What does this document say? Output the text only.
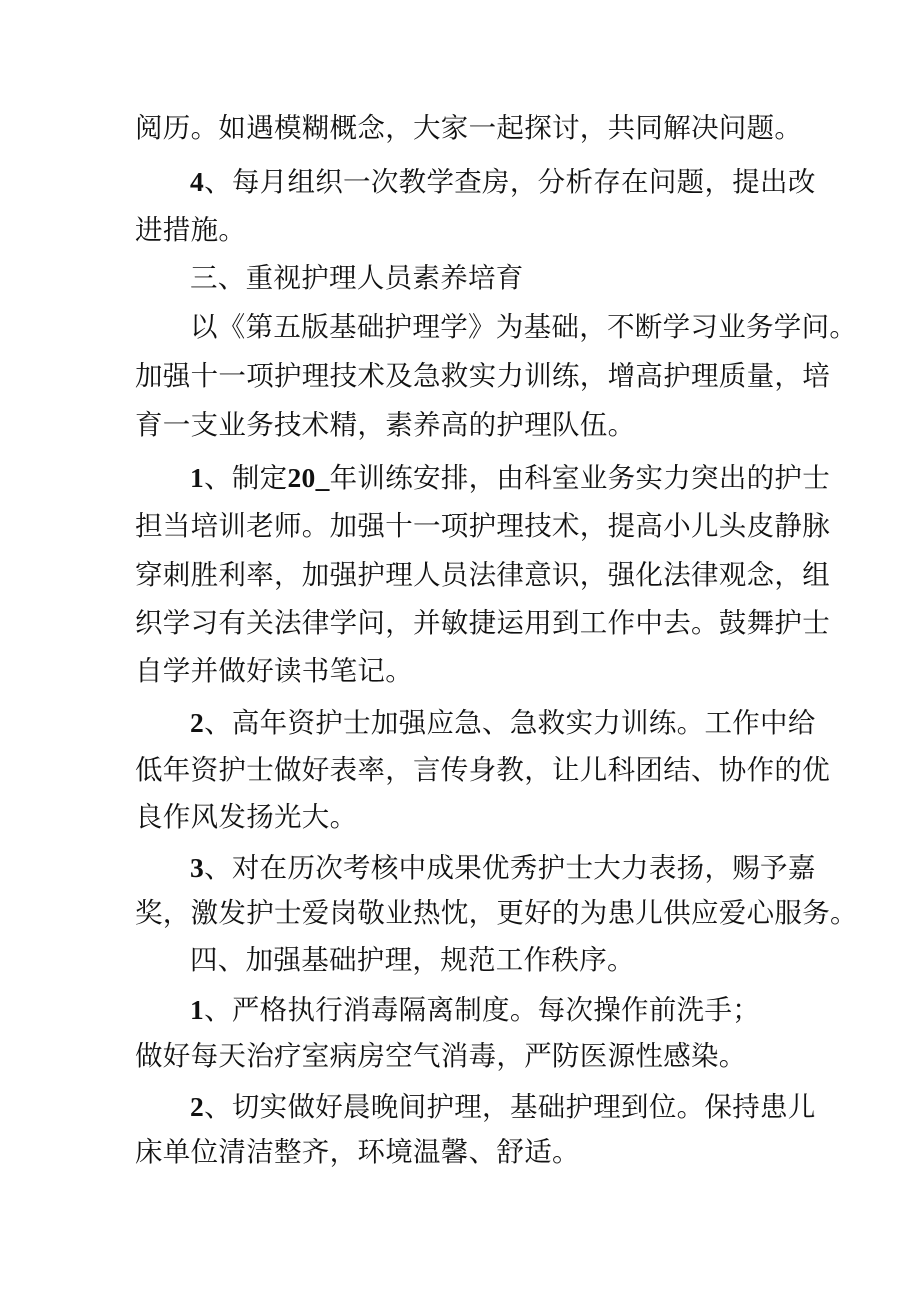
阅历。如遇模糊概念，大家一起探讨，共同解决问题。
4、每月组织一次教学查房，分析存在问题，提出改
进措施。
三、重视护理人员素养培育
以《第五版基础护理学》为基础，不断学习业务学问。
加强十一项护理技术及急救实力训练，增高护理质量，培
育一支业务技术精，素养高的护理队伍。
1、制定20_年训练安排，由科室业务实力突出的护士
担当培训老师。加强十一项护理技术，提高小儿头皮静脉
穿刺胜利率，加强护理人员法律意识，强化法律观念，组
织学习有关法律学问，并敏捷运用到工作中去。鼓舞护士
自学并做好读书笔记。
2、高年资护士加强应急、急救实力训练。工作中给
低年资护士做好表率，言传身教，让儿科团结、协作的优
良作风发扬光大。
3、对在历次考核中成果优秀护士大力表扬，赐予嘉
奖，激发护士爱岗敬业热忱，更好的为患儿供应爱心服务。
四、加强基础护理，规范工作秩序。
1、严格执行消毒隔离制度。每次操作前洗手；
做好每天治疗室病房空气消毒，严防医源性感染。
2、切实做好晨晚间护理，基础护理到位。保持患儿
床单位清洁整齐，环境温馨、舒适。
